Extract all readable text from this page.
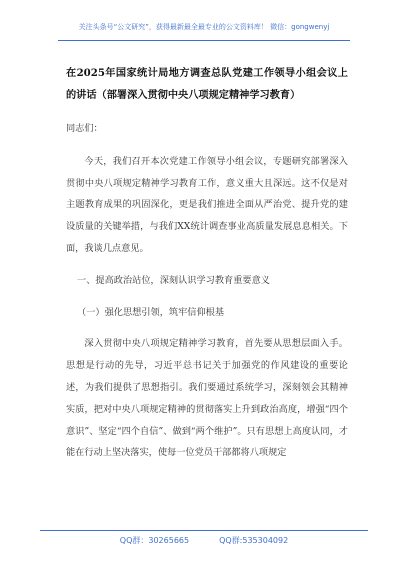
关注头条号“公文研究”，获得最新最全最专业的公文资料库！ 微信：gongwenyj
在2025年国家统计局地方调查总队党建工作领导小组会议上的讲话（部署深入贯彻中央八项规定精神学习教育）

同志们：

今天，我们召开本次党建工作领导小组会议，专题研究部署深入贯彻中央八项规定精神学习教育工作，意义重大且深远。这不仅是对主题教育成果的巩固深化，更是我们推进全面从严治党、提升党的建设质量的关键举措，与我们XX统计调查事业高质量发展息息相关。下面，我谈几点意见。

一、提高政治站位，深刻认识学习教育重要意义

（一）强化思想引领，筑牢信仰根基

深入贯彻中央八项规定精神学习教育，首先要从思想层面入手。思想是行动的先导，习近平总书记关于加强党的作风建设的重要论述，为我们提供了思想指引。我们要通过系统学习，深刻领会其精神实质，把对中央八项规定精神的贯彻落实上升到政治高度，增强“四个意识”、坚定“四个自信”、做到“两个维护”。只有思想上高度认同，才能在行动上坚决落实，使每一位党员干部都将八项规定

QQ群：30265665	QQ群:535304092
